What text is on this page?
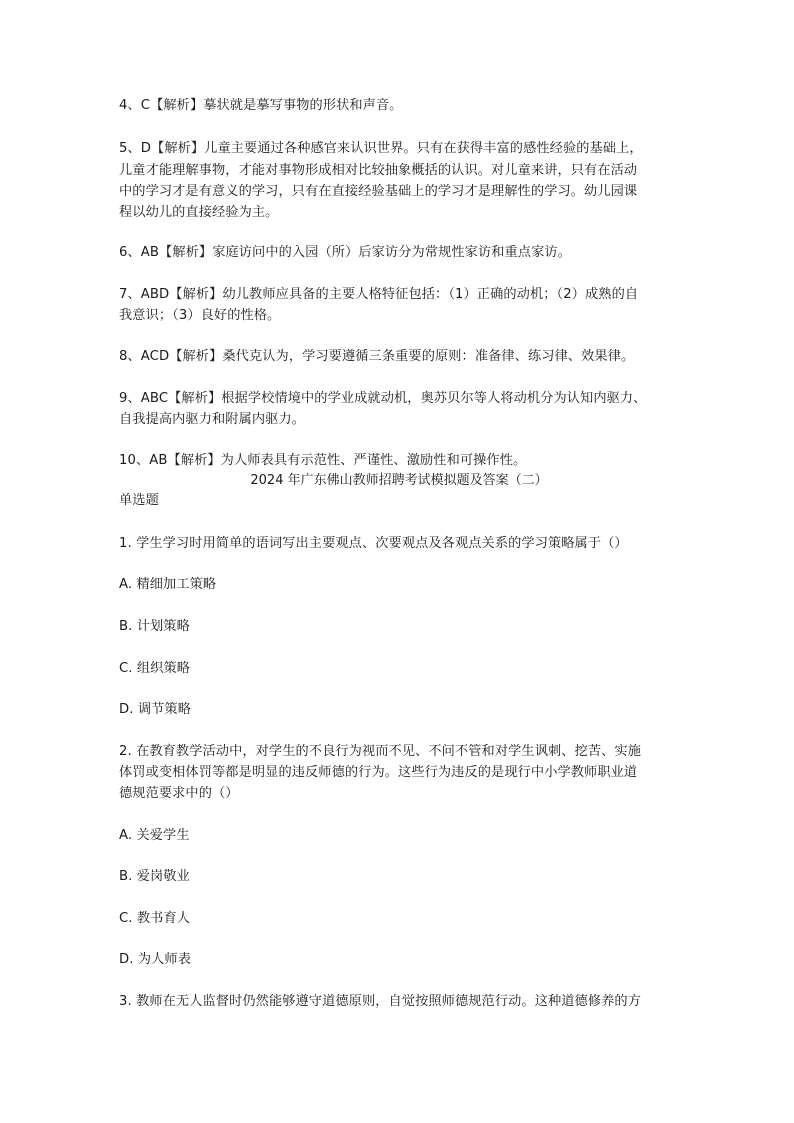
4、C【解析】摹状就是摹写事物的形状和声音。
5、D【解析】儿童主要通过各种感官来认识世界。只有在获得丰富的感性经验的基础上，
儿童才能理解事物，才能对事物形成相对比较抽象概括的认识。对儿童来讲，只有在活动
中的学习才是有意义的学习，只有在直接经验基础上的学习才是理解性的学习。幼儿园课
程以幼儿的直接经验为主。
6、AB【解析】家庭访问中的入园（所）后家访分为常规性家访和重点家访。
7、ABD【解析】幼儿教师应具备的主要人格特征包括：（1）正确的动机；（2）成熟的自
我意识；（3）良好的性格。
8、ACD【解析】桑代克认为，学习要遵循三条重要的原则：准备律、练习律、效果律。
9、ABC【解析】根据学校情境中的学业成就动机，奥苏贝尔等人将动机分为认知内驱力、
自我提高内驱力和附属内驱力。
10、AB【解析】为人师表具有示范性、严谨性、激励性和可操作性。
2024 年广东佛山教师招聘考试模拟题及答案（二）
单选题
1. 学生学习时用简单的语词写出主要观点、次要观点及各观点关系的学习策略属于（）
A. 精细加工策略
B. 计划策略
C. 组织策略
D. 调节策略
2. 在教育教学活动中，对学生的不良行为视而不见、不问不管和对学生讽刺、挖苦、实施
体罚或变相体罚等都是明显的违反师德的行为。这些行为违反的是现行中小学教师职业道
德规范要求中的（）
A. 关爱学生
B. 爱岗敬业
C. 教书育人
D. 为人师表
3. 教师在无人监督时仍然能够遵守道德原则，自觉按照师德规范行动。这种道德修养的方
